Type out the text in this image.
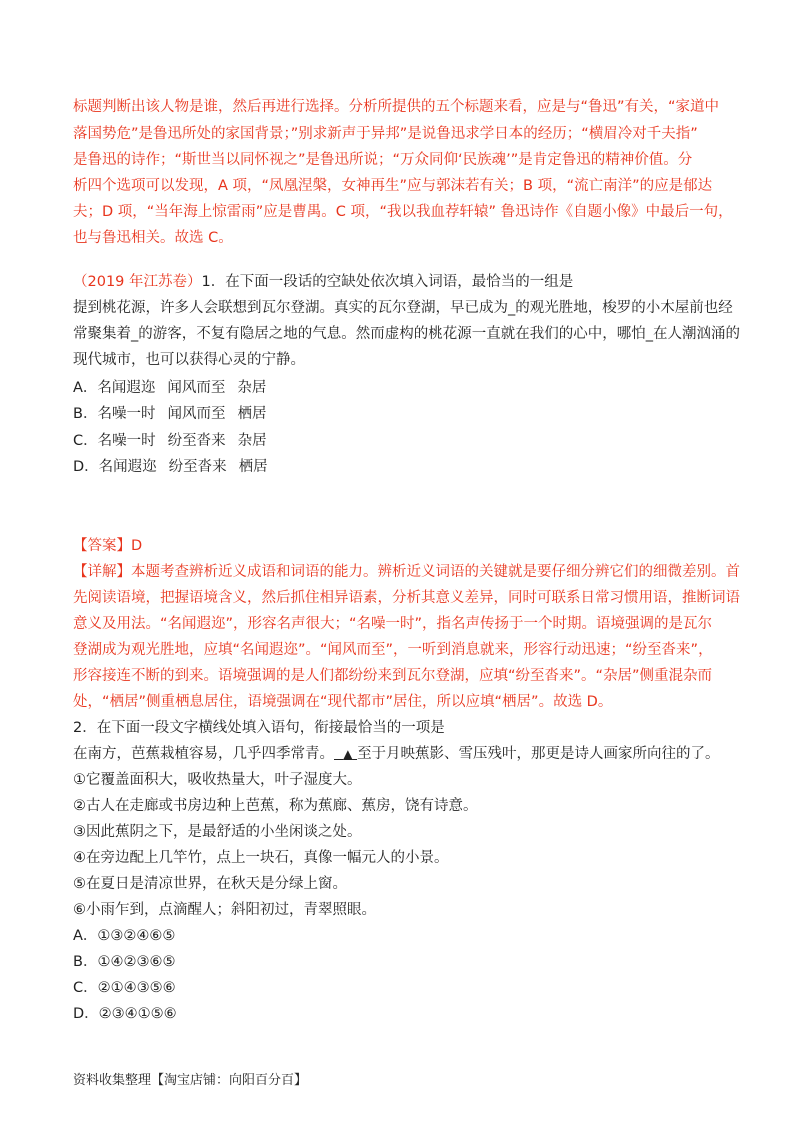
标题判断出该人物是谁，然后再进行选择。分析所提供的五个标题来看，应是与“鲁迅”有关，“家道中
落国势危”是鲁迅所处的家国背景；”别求新声于异邦”是说鲁迅求学日本的经历；“横眉冷对千夫指”
是鲁迅的诗作；“斯世当以同怀视之”是鲁迅所说；“万众同仰‘民族魂’”是肯定鲁迅的精神价值。分
析四个选项可以发现，A 项，“凤凰涅槃，女神再生”应与郭沫若有关；B 项，“流亡南洋”的应是郁达
夫；D 项，“当年海上惊雷雨”应是曹禺。C 项，“我以我血荐轩辕” 鲁迅诗作《自题小像》中最后一句，
也与鲁迅相关。故选 C。
（2019 年江苏卷）1．在下面一段话的空缺处依次填入词语，最恰当的一组是
提到桃花源，许多人会联想到瓦尔登湖。真实的瓦尔登湖，早已成为_的观光胜地，梭罗的小木屋前也经
常聚集着_的游客，不复有隐居之地的气息。然而虚构的桃花源一直就在我们的心中，哪怕_在人潮汹涌的
现代城市，也可以获得心灵的宁静。
A．名闻遐迩 闻风而至 杂居
B．名噪一时 闻风而至 栖居
C．名噪一时 纷至沓来 杂居
D．名闻遐迩 纷至沓来 栖居
【答案】D
【详解】本题考查辨析近义成语和词语的能力。辨析近义词语的关键就是要仔细分辨它们的细微差别。首
先阅读语境，把握语境含义，然后抓住相异语素，分析其意义差异，同时可联系日常习惯用语，推断词语
意义及用法。“名闻遐迩”，形容名声很大；“名噪一时”，指名声传扬于一个时期。语境强调的是瓦尔
登湖成为观光胜地，应填“名闻遐迩”。“闻风而至”，一听到消息就来，形容行动迅速；“纷至沓来”，
形容接连不断的到来。语境强调的是人们都纷纷来到瓦尔登湖，应填“纷至沓来”。“杂居”侧重混杂而
处，“栖居”侧重栖息居住，语境强调在“现代都市”居住，所以应填“栖居”。故选 D。
2．在下面一段文字横线处填入语句，衔接最恰当的一项是
在南方，芭蕉栽植容易，几乎四季常青。 ▲ 至于月映蕉影、雪压残叶，那更是诗人画家所向往的了。
①它覆盖面积大，吸收热量大，叶子湿度大。
②古人在走廊或书房边种上芭蕉，称为蕉廊、蕉房，饶有诗意。
③因此蕉阴之下，是最舒适的小坐闲谈之处。
④在旁边配上几竿竹，点上一块石，真像一幅元人的小景。
⑤在夏日是清凉世界，在秋天是分绿上窗。
⑥小雨乍到，点滴醒人；斜阳初过，青翠照眼。
A．①③②④⑥⑤
B．①④②③⑥⑤
C．②①④③⑤⑥
D．②③④①⑤⑥
资料收集整理【淘宝店铺：向阳百分百】
